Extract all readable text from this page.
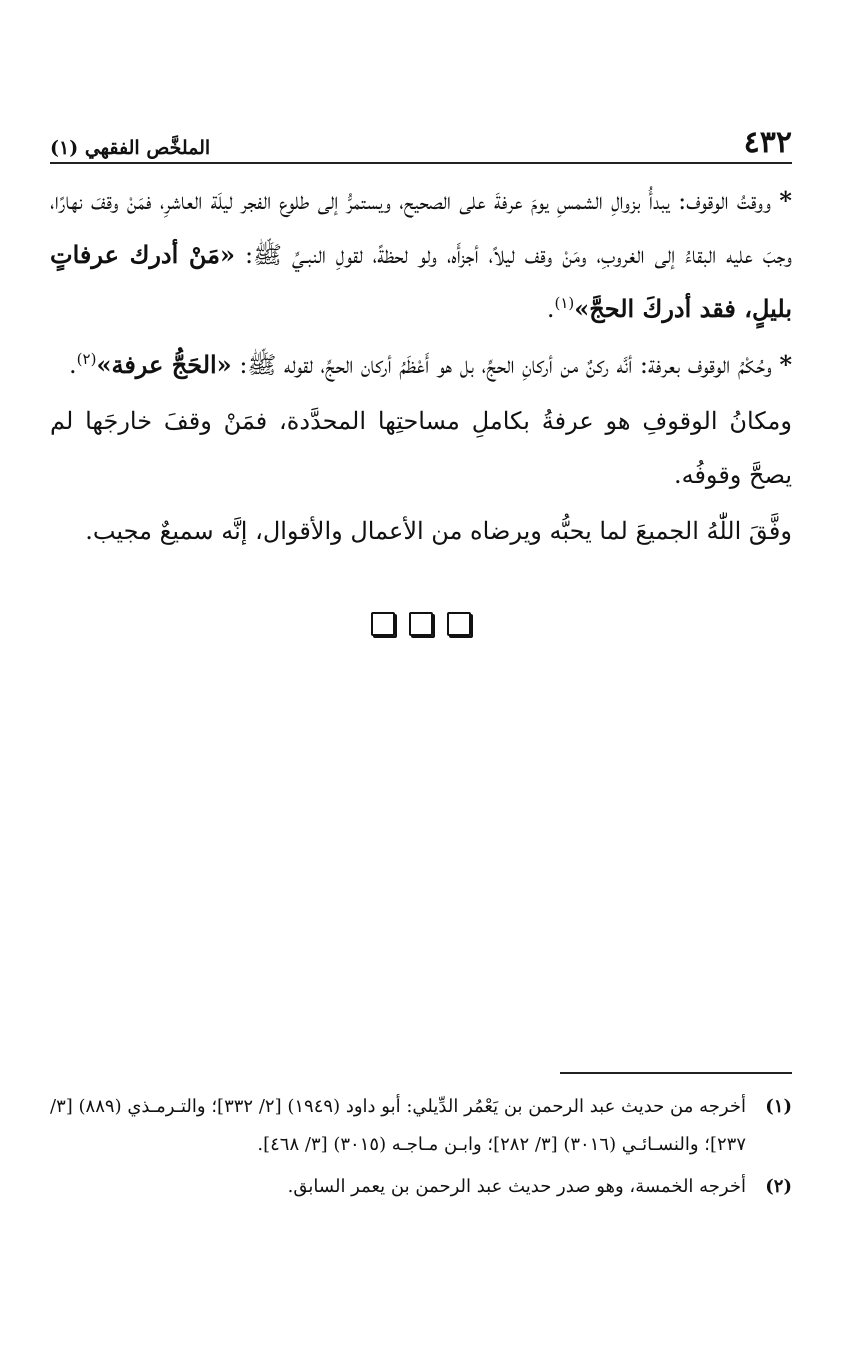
٤٣٢
الملخَّص الفقهي (١)

* ووقتُ الوقوف: يبدأُ بزوالِ الشمسِ يومَ عرفةَ على الصحيح، ويستمرُّ إلى طلوع الفجر ليلَة العاشرِ، فمَنْ وقفَ نهارًا، وجبَ عليه البقاءُ إلى الغروبِ، ومَنْ وقف ليلاً، أجزأَه، ولو لحظةً، لقولِ النبـيِّ ﷺ: «مَنْ أدرك عرفاتٍ بليلٍ، فقد أدركَ الحجَّ»$^{(١)}$.

* وحُكْمُ الوقوف بعرفة: أنَّه ركنٌ من أركانِ الحجِّ، بل هو أَعْظَمُ أركان الحجِّ، لقوله ﷺ: «الحَجُّ عرفة»$^{(٢)}$.

ومكانُ الوقوفِ هو عرفةُ بكاملِ مساحتِها المحدَّدة، فمَنْ وقفَ خارجَها لم يصحَّ وقوفُه.

وفَّقَ اللّٰهُ الجميعَ لما يحبُّه ويرضاه من الأعمال والأقوال، إنَّه سميعٌ مجيب.

(١)
أخرجه من حديث عبد الرحمن بن يَعْمُر الدِّيلي: أبو داود (١٩٤٩) [٢/ ٣٣٢]؛ والتـرمـذي (٨٨٩) [٣/ ٢٣٧]؛ والنسـائـي (٣٠١٦) [٣/ ٢٨٢]؛ وابـن مـاجـه (٣٠١٥) [٣/ ٤٦٨].
(٢)
أخرجه الخمسة، وهو صدر حديث عبد الرحمن بن يعمر السابق.
